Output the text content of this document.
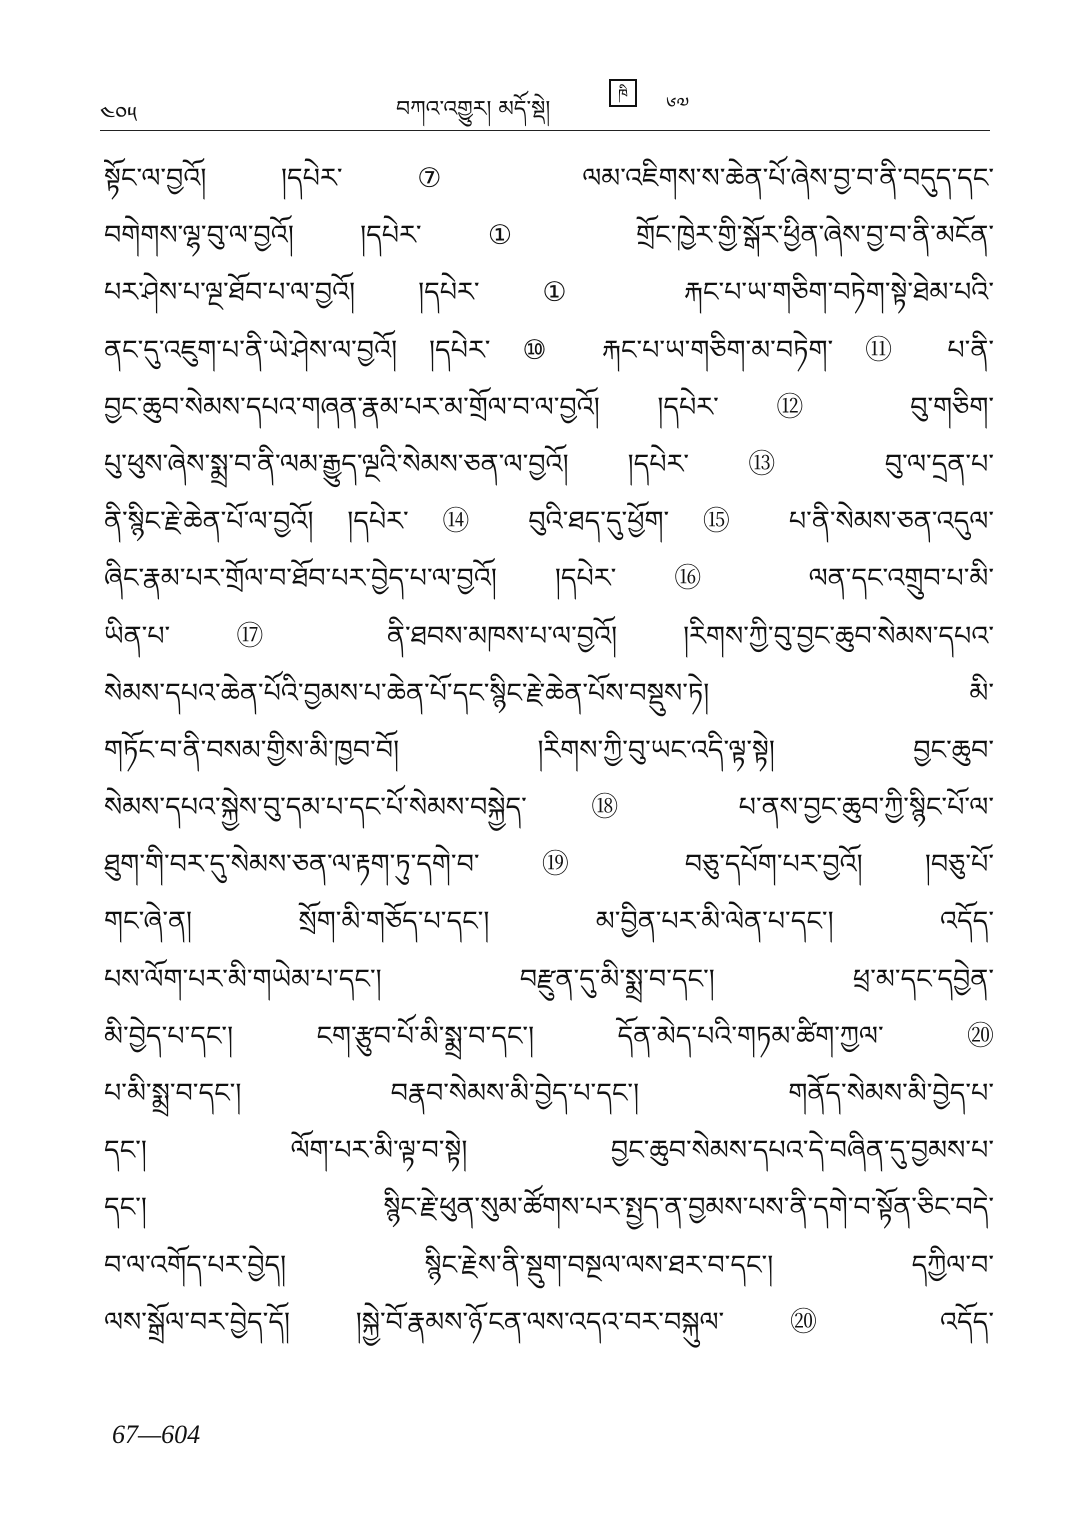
༤༠༥	བཀའ་འགྱུར། མདོ་སྡེ།
ཁི ༦༧
སྟོང་ལ་བྱའོ། །དཔེར་ ⑦ ལམ་འཇིགས་ས་ཆེན་པོ་ཞེས་བྱ་བ་ནི་བདུད་དང་
བགེགས་ལྷ་བུ་ལ་བྱའོ། །དཔེར་ ① གྲོང་ཁྱེར་གྱི་སྒོར་ཕྱིན་ཞེས་བྱ་བ་ནི་མངོན་
པར་ཤེས་པ་ལྔ་ཐོབ་པ་ལ་བྱའོ། །དཔེར་ ① རྐང་པ་ཡ་གཅིག་བཏེག་སྟེ་ཐེམ་པའི་
ནང་དུ་འཇུག་པ་ནི་ཡེ་ཤེས་ལ་བྱའོ། །དཔེར་ ⑩ རྐང་པ་ཡ་གཅིག་མ་བཏེག་ ⑪ པ་ནི་
བྱང་ཆུབ་སེམས་དཔའ་གཞན་རྣམ་པར་མ་གྲོལ་བ་ལ་བྱའོ། །དཔེར་ ⑫ བུ་གཅིག་
པུ་ཕུས་ཞེས་སྨྲ་བ་ནི་ལམ་རྒྱུད་ལྔའི་སེམས་ཅན་ལ་བྱའོ། །དཔེར་ ⑬ བུ་ལ་དྲན་པ་
ནི་སྙིང་རྗེ་ཆེན་པོ་ལ་བྱའོ། །དཔེར་ ⑭ བུའི་ཐད་དུ་ཕྱོག་ ⑮ པ་ནི་སེམས་ཅན་འདུལ་
ཞིང་རྣམ་པར་གྲོལ་བ་ཐོབ་པར་བྱེད་པ་ལ་བྱའོ། །དཔེར་ ⑯ ལན་དང་འགྲུབ་པ་མི་
ཡིན་པ་ ⑰ ནི་ཐབས་མཁས་པ་ལ་བྱའོ། །རིགས་ཀྱི་བུ་བྱང་ཆུབ་སེམས་དཔའ་
སེམས་དཔའ་ཆེན་པོའི་བྱམས་པ་ཆེན་པོ་དང་སྙིང་རྗེ་ཆེན་པོས་བསྡུས་ཏེ། མི་
གཏོང་བ་ནི་བསམ་གྱིས་མི་ཁྱབ་བོ། །རིགས་ཀྱི་བུ་ཡང་འདི་ལྟ་སྟེ། བྱང་ཆུབ་
སེམས་དཔའ་སྐྱེས་བུ་དམ་པ་དང་པོ་སེམས་བསྐྱེད་ ⑱ པ་ནས་བྱང་ཆུབ་ཀྱི་སྙིང་པོ་ལ་
ཐུག་གི་བར་དུ་སེམས་ཅན་ལ་རྟག་ཏུ་དགེ་བ་ ⑲ བཅུ་དཔོག་པར་བྱའོ། །བཅུ་པོ་
གང་ཞེ་ན། སྲོག་མི་གཅོད་པ་དང་། མ་བྱིན་པར་མི་ལེན་པ་དང་། འདོད་
པས་ལོག་པར་མི་གཡེམ་པ་དང་། བརྫུན་དུ་མི་སྨྲ་བ་དང་། ཕྲ་མ་དང་དབྱེན་
མི་བྱེད་པ་དང་། ངག་རྩུབ་པོ་མི་སྨྲ་བ་དང་། དོན་མེད་པའི་གཏམ་ཚིག་ཀྱལ་ ⑳
པ་མི་སྨྲ་བ་དང་། བརྣབ་སེམས་མི་བྱེད་པ་དང་། གནོད་སེམས་མི་བྱེད་པ་
དང་། ལོག་པར་མི་ལྟ་བ་སྟེ། བྱང་ཆུབ་སེམས་དཔའ་དེ་བཞིན་དུ་བྱམས་པ་
དང་། སྙིང་རྗེ་ཕུན་སུམ་ཚོགས་པར་སྤྱད་ན་བྱམས་པས་ནི་དགེ་བ་སྟོན་ཅིང་བདེ་
བ་ལ་འགོད་པར་བྱེད། སྙིང་རྗེས་ནི་སྡུག་བསྔལ་ལས་ཐར་བ་དང་། དཀྱིལ་བ་
ལས་སྒྲོལ་བར་བྱེད་དོ། །སྐྱེ་བོ་རྣམས་ཉོ་ངན་ལས་འདའ་བར་བསྐུལ་ ⑳ འདོད་
67—604
